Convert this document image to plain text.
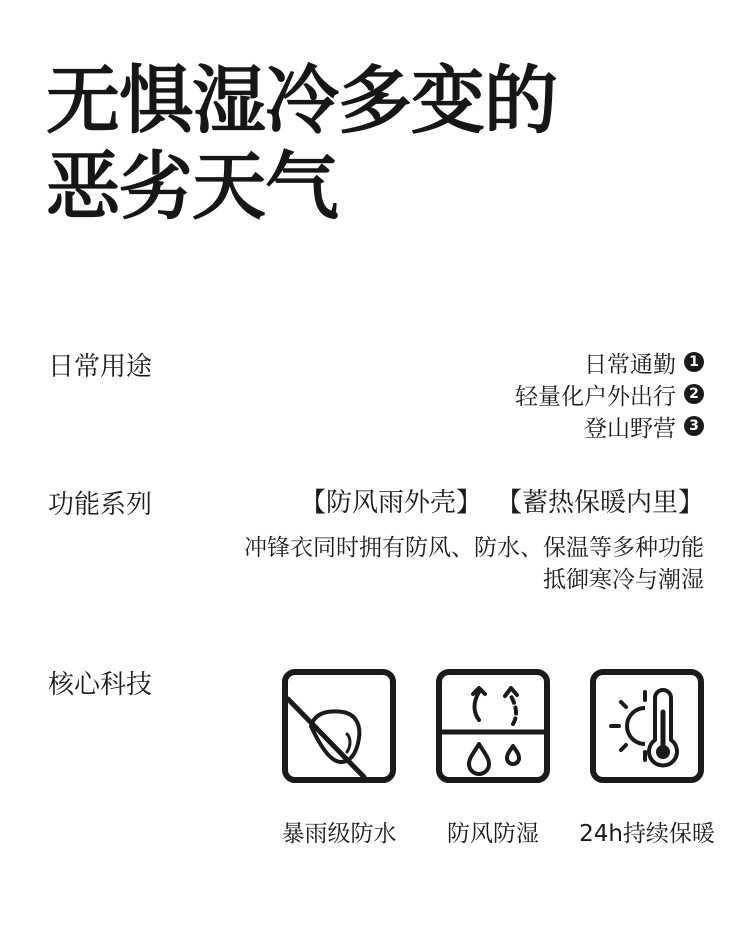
无惧湿冷多变的
恶劣天气
日常用途	日常通勤 1
轻量化户外出行 2
登山野营 3
功能系列	【防风雨外壳】 【蓄热保暖内里】
冲锋衣同时拥有防风、防水、保温等多种功能
抵御寒冷与潮湿
核心科技
暴雨级防水	防风防湿	24h持续保暖
